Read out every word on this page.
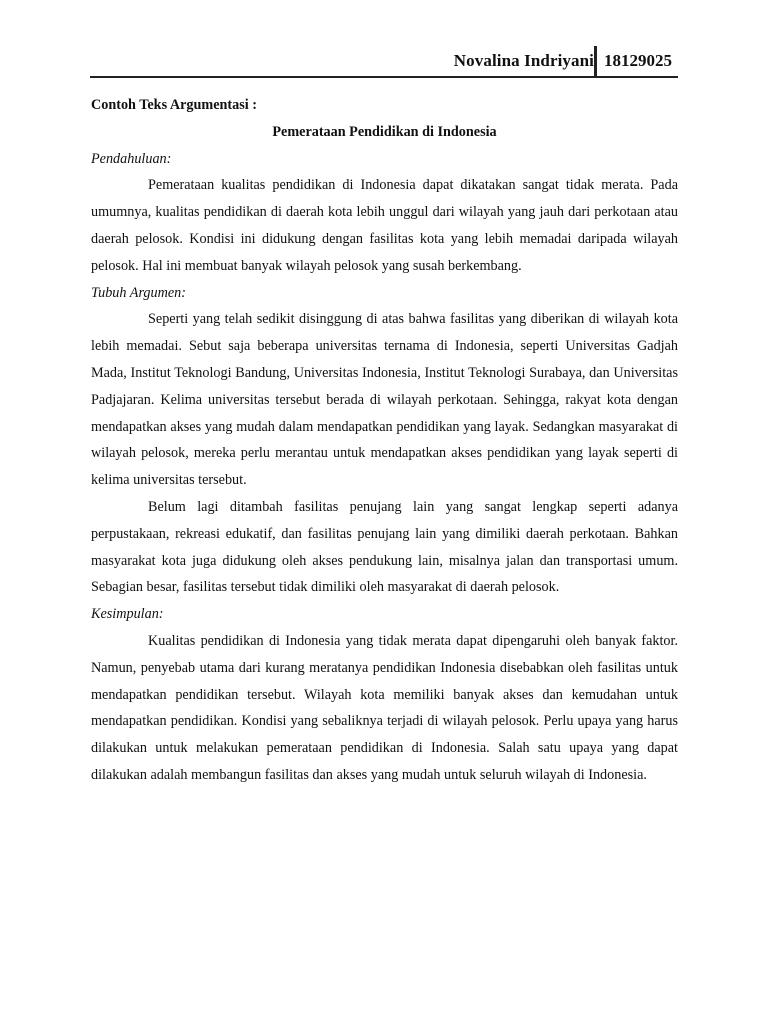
Novalina Indriyani 18129025

Contoh Teks Argumentasi :

Pemerataan Pendidikan di Indonesia

Pendahuluan:

Pemerataan kualitas pendidikan di Indonesia dapat dikatakan sangat tidak merata. Pada umumnya, kualitas pendidikan di daerah kota lebih unggul dari wilayah yang jauh dari perkotaan atau daerah pelosok. Kondisi ini didukung dengan fasilitas kota yang lebih memadai daripada wilayah pelosok. Hal ini membuat banyak wilayah pelosok yang susah berkembang.

Tubuh Argumen:

Seperti yang telah sedikit disinggung di atas bahwa fasilitas yang diberikan di wilayah kota lebih memadai. Sebut saja beberapa universitas ternama di Indonesia, seperti Universitas Gadjah Mada, Institut Teknologi Bandung, Universitas Indonesia, Institut Teknologi Surabaya, dan Universitas Padjajaran. Kelima universitas tersebut berada di wilayah perkotaan. Sehingga, rakyat kota dengan mendapatkan akses yang mudah dalam mendapatkan pendidikan yang layak. Sedangkan masyarakat di wilayah pelosok, mereka perlu merantau untuk mendapatkan akses pendidikan yang layak seperti di kelima universitas tersebut.

Belum lagi ditambah fasilitas penujang lain yang sangat lengkap seperti adanya perpustakaan, rekreasi edukatif, dan fasilitas penujang lain yang dimiliki daerah perkotaan. Bahkan masyarakat kota juga didukung oleh akses pendukung lain, misalnya jalan dan transportasi umum. Sebagian besar, fasilitas tersebut tidak dimiliki oleh masyarakat di daerah pelosok.

Kesimpulan:

Kualitas pendidikan di Indonesia yang tidak merata dapat dipengaruhi oleh banyak faktor. Namun, penyebab utama dari kurang meratanya pendidikan Indonesia disebabkan oleh fasilitas untuk mendapatkan pendidikan tersebut. Wilayah kota memiliki banyak akses dan kemudahan untuk mendapatkan pendidikan. Kondisi yang sebaliknya terjadi di wilayah pelosok. Perlu upaya yang harus dilakukan untuk melakukan pemerataan pendidikan di Indonesia. Salah satu upaya yang dapat dilakukan adalah membangun fasilitas dan akses yang mudah untuk seluruh wilayah di Indonesia.
